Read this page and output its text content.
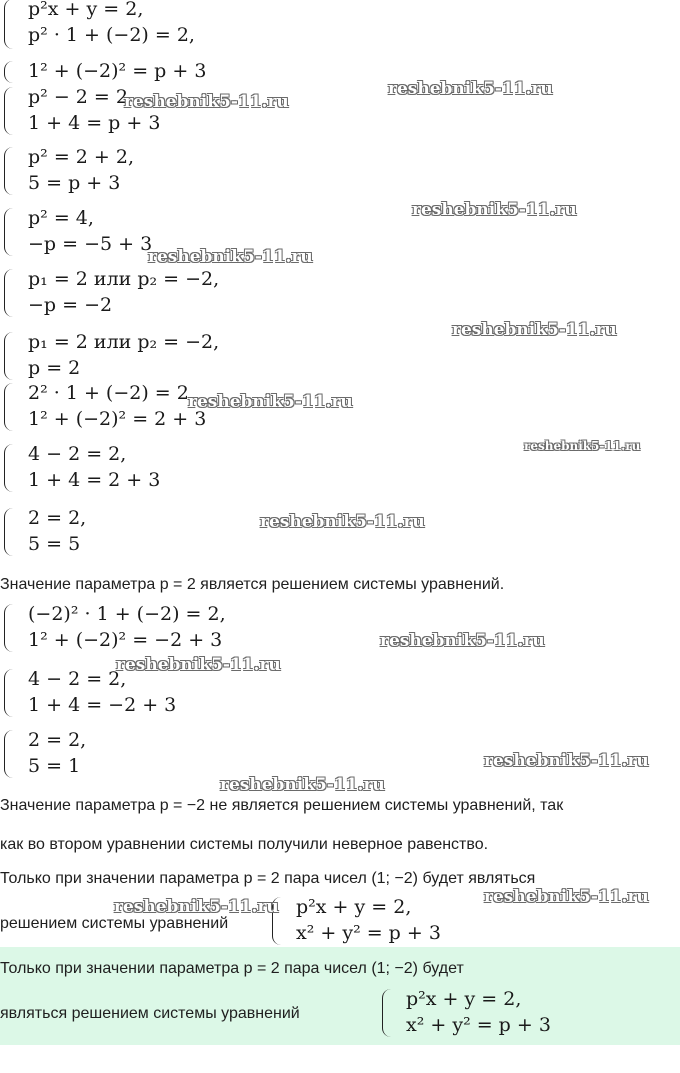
p²x + y = 2,
p² · 1 + (−2) = 2,
1² + (−2)² = p + 3
p² − 2 = 2
1 + 4 = p + 3
p² = 2 + 2,
5 = p + 3
p² = 4,
−p = −5 + 3
p₁ = 2 или p₂ = −2,
−p = −2
p₁ = 2 или p₂ = −2,
p = 2
2² · 1 + (−2) = 2
1² + (−2)² = 2 + 3
4 − 2 = 2,
1 + 4 = 2 + 3
2 = 2,
5 = 5
Значение параметра p = 2 является решением системы уравнений.
(−2)² · 1 + (−2) = 2,
1² + (−2)² = −2 + 3
4 − 2 = 2,
1 + 4 = −2 + 3
2 = 2,
5 = 1
Значение параметра p = −2 не является решением системы уравнений, так
как во втором уравнении системы получили неверное равенство.
Только при значении параметра p = 2 пара чисел (1; −2) будет являться
решением системы уравнений
p²x + y = 2,
x² + y² = p + 3
Только при значении параметра p = 2 пара чисел (1; −2) будет
являться решением системы уравнений
p²x + y = 2,
x² + y² = p + 3
reshebnik5-11.ru
reshebnik5-11.ru
reshebnik5-11.ru
reshebnik5-11.ru
reshebnik5-11.ru
reshebnik5-11.ru
reshebnik5-11.ru
reshebnik5-11.ru
reshebnik5-11.ru
reshebnik5-11.ru
reshebnik5-11.ru
reshebnik5-11.ru
reshebnik5-11.ru
reshebnik5-11.ru
